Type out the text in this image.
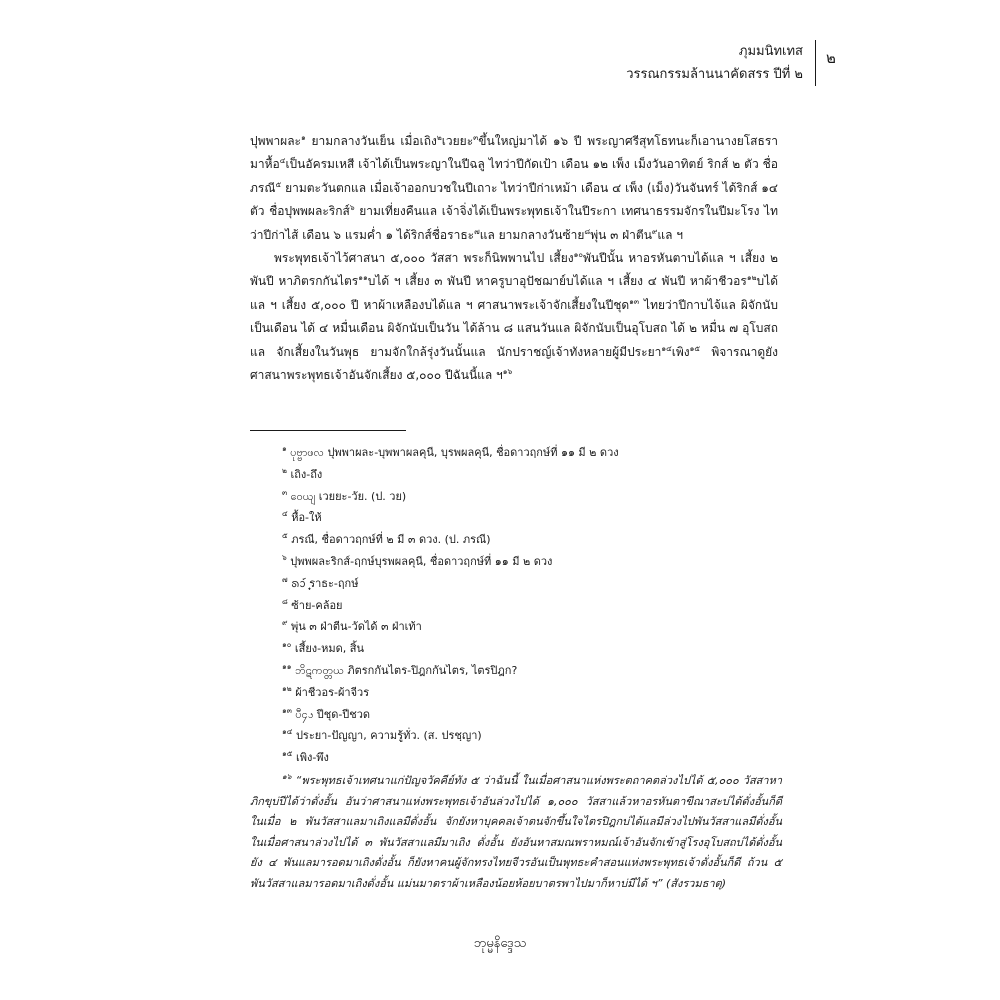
ภุมมนิทเทส
วรรณกรรมล้านนาคัดสรร ปีที่ ๒
๒

ปุพพาผละ$^๑$ ยามกลางวันเย็น เมื่อเถิง$^๒$เวยยะ$^๓$ขึ้นใหญ่มาได้ ๑๖ ปี พระญาศรีสุทโธทนะก็เอานางยโสธรามาหื้อ$^๔$เป็นอัครมเหสี เจ้าได้เป็นพระญาในปีฉลู ไทว่าปีกัดเป้า เดือน ๑๒ เพ็ง เม็งวันอาทิตย์ ริกส์ ๒ ตัว ชื่อภรณี$^๕$ ยามตะวันตกแล เมื่อเจ้าออกบวชในปีเถาะ ไทว่าปีก่าเหม้า เดือน ๔ เพ็ง (เม็ง)วันจันทร์ ได้ริกส์ ๑๔ ตัว ชื่อปุพพผละริกส์$^๖$ ยามเที่ยงคืนแล เจ้าจิ่งได้เป็นพระพุทธเจ้าในปีระกา เทศนาธรรมจักรในปีมะโรง ไทว่าปีก่าไส้ เดือน ๖ แรมค่ำ ๑ ได้ริกส์ชื่อราธะ$^๗$แล ยามกลางวันซ้าย$^๘$พุ่น ๓ ฝ่าตีน$^๙$แล ฯ

พระพุทธเจ้าไว้ศาสนา ๕,๐๐๐ วัสสา พระก็นิพพานไป เสี้ยง$^{๑๐}$พันปีนั้น หาอรหันตาบได้แล ฯ เสี้ยง ๒ พันปี หาภิตรกกันไตร$^{๑๑}$บได้ ฯ เสี้ยง ๓ พันปี หาครูบาอุปัชฌาย์บได้แล ฯ เสี้ยง ๔ พันปี หาผ้าชีวอร$^{๑๒}$บได้แล ฯ เสี้ยง ๕,๐๐๐ ปี หาผ้าเหลืองบได้แล ฯ ศาสนาพระเจ้าจักเสี้ยงในปีชุด$^{๑๓}$ ไทยว่าปีกาบไจ้แล ผิจักนับเป็นเดือน ได้ ๔ หมื่นเดือน ผิจักนับเป็นวัน ได้ล้าน ๘ แสนวันแล ผิจักนับเป็นอุโบสถ ได้ ๒ หมื่น ๗ อุโบสถแล จักเสี้ยงในวันพุธ ยามจักใกล้รุ่งวันนั้นแล นักปราชญ์เจ้าทังหลายผู้มีประยา$^{๑๔}$เพิง$^{๑๕}$ พิจารณาดูยังศาสนาพระพุทธเจ้าอันจักเสี้ยง ๕,๐๐๐ ปีฉันนี้แล ฯ$^{๑๖}$

$^๑$ ပုဗ္ဗာဖလ ปุพพาผละ-บุพพาผลคุนี, บุรพผลคุนี, ชื่อดาวฤกษ์ที่ ๑๑ มี ๒ ดวง
$^๒$ เถิง-ถึง
$^๓$ ဝေယျ เวยยะ-วัย. (ป. วย)
$^๔$ หื้อ-ให้
$^๕$ ภรณี, ชื่อดาวฤกษ์ที่ ๒ มี ๓ ดวง. (ป. ภรณี)
$^๖$ ปุพพผละริกส์-ฤกษ์บุรพผลคุนี, ชื่อดาวฤกษ์ที่ ๑๑ มี ๒ ดวง
$^๗$ ᩁᩣ᩠᩶ ราธะ-ฤกษ์
$^๘$ ซ้าย-คล้อย
$^๙$ พุ่น ๓ ฝ่าตีน-วัดได้ ๓ ฝ่าเท้า
$^{๑๐}$ เสี้ยง-หมด, สิ้น
$^{๑๑}$ ဘိဋကတ္တယ ภิตรกกันไตร-ปิฎกกันไตร, ไตรปิฎก?
$^{๑๒}$ ผ้าชีวอร-ผ้าจีวร
$^{๑๓}$ ပီ၄ၖ ปีชุด-ปีชวด
$^{๑๔}$ ประยา-ปัญญา, ความรู้ทั่ว. (ส. ปรชฺญา)
$^{๑๕}$ เพิง-พึง
$^{๑๖}$ “พระพุทธเจ้าเทศนาแก่ปัญจวัคคีย์ทัง ๕ ว่าฉันนี้ ในเมื่อศาสนาแห่งพระตถาคตล่วงไปได้ ๕,๐๐๐ วัสสาหาภิกขุบ่ปีได้ว่าดั่งอั้น อันว่าศาสนาแห่งพระพุทธเจ้าอันล่วงไปได้ ๑,๐๐๐ วัสสาแล้วหาอรหันตาขีณาสะบ่ได้ดั่งอั้นก็ดี ในเมื่อ ๒ พันวัสสาแลมาเถิงแลมีดั่งอั้น จักยังหาบุคคลเจ้าตนจักขึ้นใจไตรปิฎกบ่ได้แลมีล่วงไปพันวัสสาแลมีดั่งอั้น ในเมื่อศาสนาล่วงไปได้ ๓ พันวัสสาแลมีมาเถิง ดั่งอั้น ยังอันหาสมณพราหมณ์เจ้าอันจักเข้าสู่โรงอุโบสถบ่ได้ดั่งอั้น ยัง ๔ พันแลมารอดมาเถิงดั่งอั้น ก็ยังหาคนผู้จักทรงไทยจีวรอันเป็นพุทธะคำสอนแห่งพระพุทธเจ้าดั่งอั้นก็ดี ถ้วน ๕ พันวัสสาแลมารอดมาเถิงดั่งอั้น แม่นมาตราผ้าเหลืองน้อยห้อยบาตรพาไปมาก็หาบ่มีได้ ฯ” (สังรวมธาตุ)
ဘုမ္မနိဒ္ဒေသ
